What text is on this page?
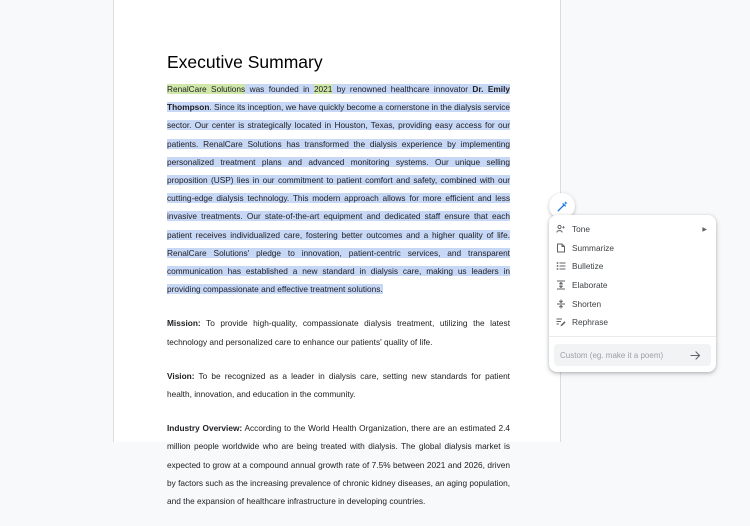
Executive Summary

RenalCare Solutions was founded in 2021 by renowned healthcare innovator Dr. Emily Thompson. Since its inception, we have quickly become a cornerstone in the dialysis service sector. Our center is strategically located in Houston, Texas, providing easy access for our patients. RenalCare Solutions has transformed the dialysis experience by implementing personalized treatment plans and advanced monitoring systems. Our unique selling proposition (USP) lies in our commitment to patient comfort and safety, combined with our cutting-edge dialysis technology. This modern approach allows for more efficient and less invasive treatments. Our state-of-the-art equipment and dedicated staff ensure that each patient receives individualized care, fostering better outcomes and a higher quality of life. RenalCare Solutions' pledge to innovation, patient-centric services, and transparent communication has established a new standard in dialysis care, making us leaders in providing compassionate and effective treatment solutions.

Mission: To provide high-quality, compassionate dialysis treatment, utilizing the latest technology and personalized care to enhance our patients' quality of life.

Vision: To be recognized as a leader in dialysis care, setting new standards for patient health, innovation, and education in the community.

Industry Overview: According to the World Health Organization, there are an estimated 2.4 million people worldwide who are being treated with dialysis. The global dialysis market is expected to grow at a compound annual growth rate of 7.5% between 2021 and 2026, driven by factors such as the increasing prevalence of chronic kidney diseases, an aging population, and the expansion of healthcare infrastructure in developing countries.

Tone	▶
Summarize
Bulletize
Elaborate
Shorten
Rephrase
Custom (eg. make it a poem)
